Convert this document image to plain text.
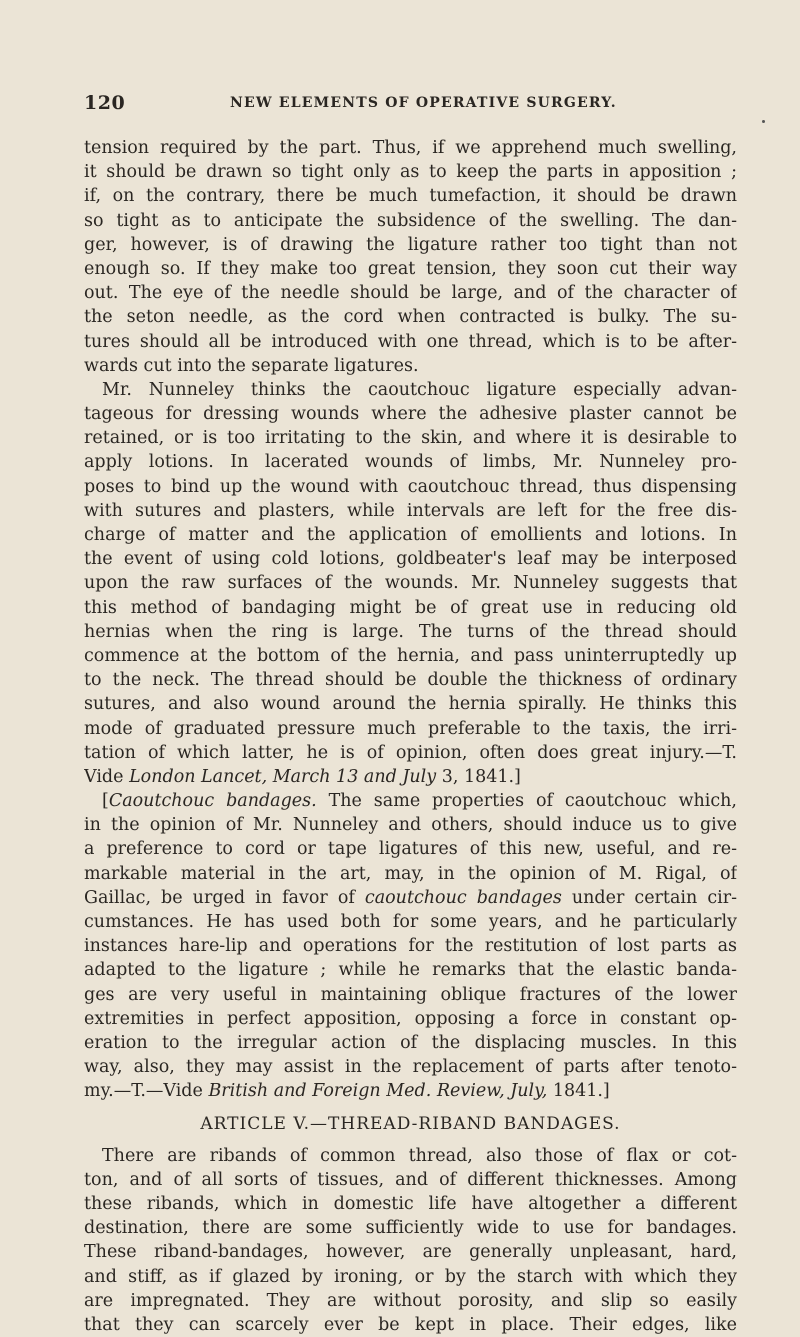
120	NEW ELEMENTS OF OPERATIVE SURGERY.
tension required by the part. Thus, if we apprehend much swelling,
it should be drawn so tight only as to keep the parts in apposition ;
if, on the contrary, there be much tumefaction, it should be drawn
so tight as to anticipate the subsidence of the swelling. The dan-
ger, however, is of drawing the ligature rather too tight than not
enough so. If they make too great tension, they soon cut their way
out. The eye of the needle should be large, and of the character of
the seton needle, as the cord when contracted is bulky. The su-
tures should all be introduced with one thread, which is to be after-
wards cut into the separate ligatures.
Mr. Nunneley thinks the caoutchouc ligature especially advan-
tageous for dressing wounds where the adhesive plaster cannot be
retained, or is too irritating to the skin, and where it is desirable to
apply lotions. In lacerated wounds of limbs, Mr. Nunneley pro-
poses to bind up the wound with caoutchouc thread, thus dispensing
with sutures and plasters, while intervals are left for the free dis-
charge of matter and the application of emollients and lotions. In
the event of using cold lotions, goldbeater's leaf may be interposed
upon the raw surfaces of the wounds. Mr. Nunneley suggests that
this method of bandaging might be of great use in reducing old
hernias when the ring is large. The turns of the thread should
commence at the bottom of the hernia, and pass uninterruptedly up
to the neck. The thread should be double the thickness of ordinary
sutures, and also wound around the hernia spirally. He thinks this
mode of graduated pressure much preferable to the taxis, the irri-
tation of which latter, he is of opinion, often does great injury.—T.
Vide London Lancet, March 13 and July 3, 1841.]
[Caoutchouc bandages. The same properties of caoutchouc which,
in the opinion of Mr. Nunneley and others, should induce us to give
a preference to cord or tape ligatures of this new, useful, and re-
markable material in the art, may, in the opinion of M. Rigal, of
Gaillac, be urged in favor of caoutchouc bandages under certain cir-
cumstances. He has used both for some years, and he particularly
instances hare-lip and operations for the restitution of lost parts as
adapted to the ligature ; while he remarks that the elastic banda-
ges are very useful in maintaining oblique fractures of the lower
extremities in perfect apposition, opposing a force in constant op-
eration to the irregular action of the displacing muscles. In this
way, also, they may assist in the replacement of parts after tenoto-
my.—T.—Vide British and Foreign Med. Review, July, 1841.]
ARTICLE V.—THREAD-RIBAND BANDAGES.
There are ribands of common thread, also those of flax or cot-
ton, and of all sorts of tissues, and of different thicknesses. Among
these ribands, which in domestic life have altogether a different
destination, there are some sufficiently wide to use for bandages.
These riband-bandages, however, are generally unpleasant, hard,
and stiff, as if glazed by ironing, or by the starch with which they
are impregnated. They are without porosity, and slip so easily
that they can scarcely ever be kept in place. Their edges, like
